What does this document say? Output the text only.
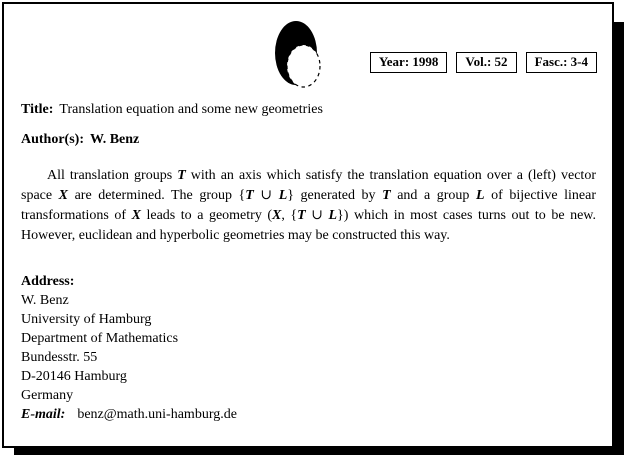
Year: 1998	Vol.: 52	Fasc.: 3-4
Title: Translation equation and some new geometries
Author(s): W. Benz
All translation groups T with an axis which satisfy the translation equation over a (left) vector space X are determined. The group {T ∪ L} generated by T and a group L of bijective linear transformations of X leads to a geometry (X, {T ∪ L}) which in most cases turns out to be new. However, euclidean and hyperbolic geometries may be constructed this way.
Address:
W. Benz
University of Hamburg
Department of Mathematics
Bundesstr. 55
D-20146 Hamburg
Germany
E-mail: benz@math.uni-hamburg.de
